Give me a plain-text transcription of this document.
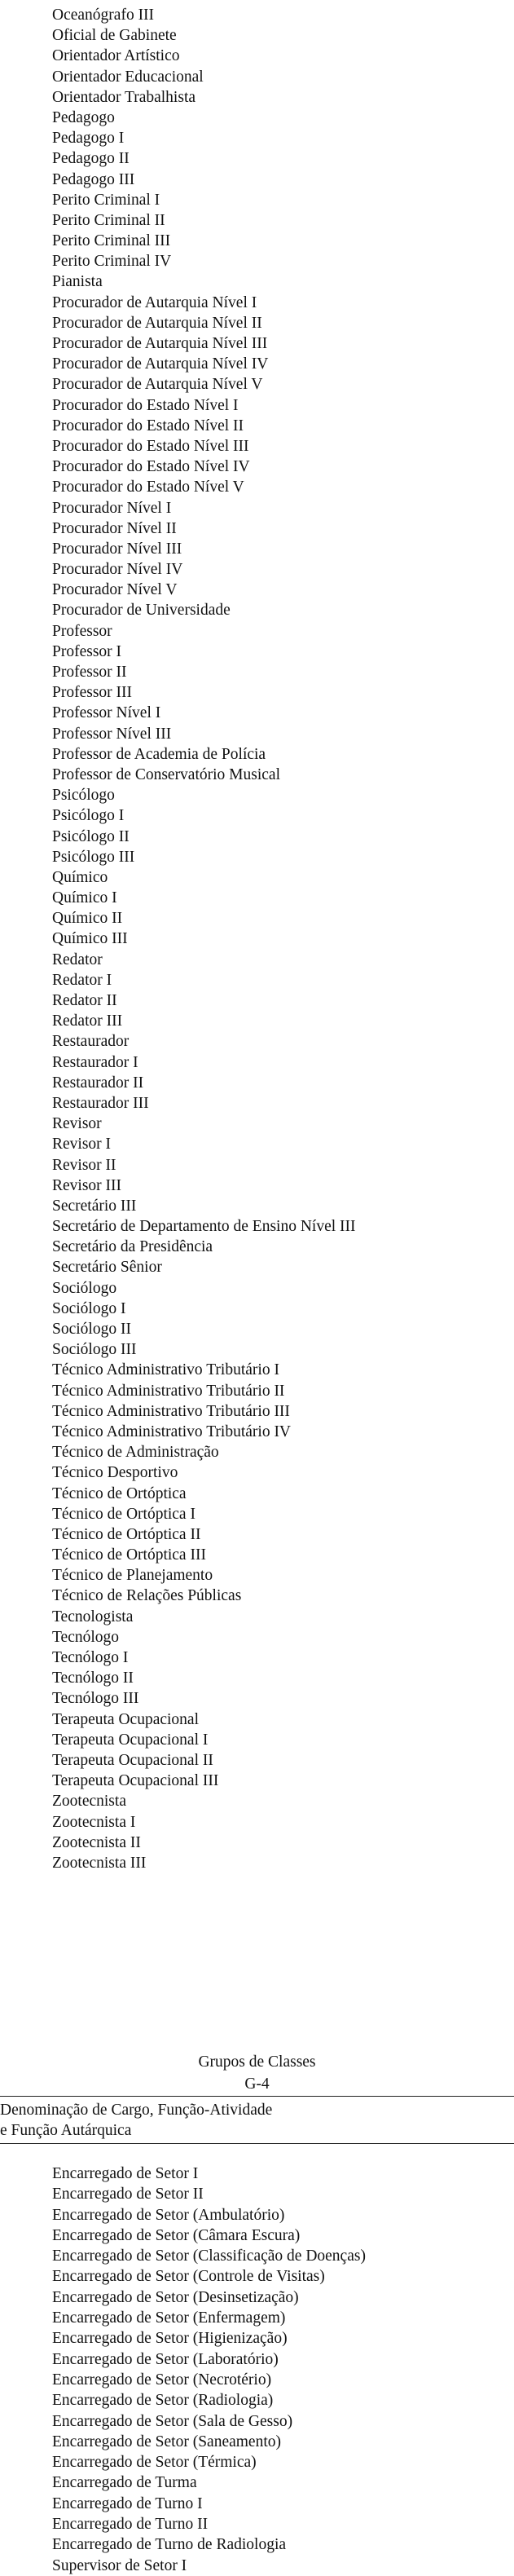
Oceanógrafo III
Oficial de Gabinete
Orientador Artístico
Orientador Educacional
Orientador Trabalhista
Pedagogo
Pedagogo I
Pedagogo II
Pedagogo III
Perito Criminal I
Perito Criminal II
Perito Criminal III
Perito Criminal IV
Pianista
Procurador de Autarquia Nível I
Procurador de Autarquia Nível II
Procurador de Autarquia Nível III
Procurador de Autarquia Nível IV
Procurador de Autarquia Nível V
Procurador do Estado Nível I
Procurador do Estado Nível II
Procurador do Estado Nível III
Procurador do Estado Nível IV
Procurador do Estado Nível V
Procurador Nível I
Procurador Nível II
Procurador Nível III
Procurador Nível IV
Procurador Nível V
Procurador de Universidade
Professor
Professor I
Professor II
Professor III
Professor Nível I
Professor Nível III
Professor de Academia de Polícia
Professor de Conservatório Musical
Psicólogo
Psicólogo I
Psicólogo II
Psicólogo III
Químico
Químico I
Químico II
Químico III
Redator
Redator I
Redator II
Redator III
Restaurador
Restaurador I
Restaurador II
Restaurador III
Revisor
Revisor I
Revisor II
Revisor III
Secretário III
Secretário de Departamento de Ensino Nível III
Secretário da Presidência
Secretário Sênior
Sociólogo
Sociólogo I
Sociólogo II
Sociólogo III
Técnico Administrativo Tributário I
Técnico Administrativo Tributário II
Técnico Administrativo Tributário III
Técnico Administrativo Tributário IV
Técnico de Administração
Técnico Desportivo
Técnico de Ortóptica
Técnico de Ortóptica I
Técnico de Ortóptica II
Técnico de Ortóptica III
Técnico de Planejamento
Técnico de Relações Públicas
Tecnologista
Tecnólogo
Tecnólogo I
Tecnólogo II
Tecnólogo III
Terapeuta Ocupacional
Terapeuta Ocupacional I
Terapeuta Ocupacional II
Terapeuta Ocupacional III
Zootecnista
Zootecnista I
Zootecnista II
Zootecnista III
Grupos de Classes
G-4
Denominação de Cargo, Função-Atividade
e Função Autárquica
Encarregado de Setor I
Encarregado de Setor II
Encarregado de Setor (Ambulatório)
Encarregado de Setor (Câmara Escura)
Encarregado de Setor (Classificação de Doenças)
Encarregado de Setor (Controle de Visitas)
Encarregado de Setor (Desinsetização)
Encarregado de Setor (Enfermagem)
Encarregado de Setor (Higienização)
Encarregado de Setor (Laboratório)
Encarregado de Setor (Necrotério)
Encarregado de Setor (Radiologia)
Encarregado de Setor (Sala de Gesso)
Encarregado de Setor (Saneamento)
Encarregado de Setor (Térmica)
Encarregado de Turma
Encarregado de Turno I
Encarregado de Turno II
Encarregado de Turno de Radiologia
Supervisor de Setor I
